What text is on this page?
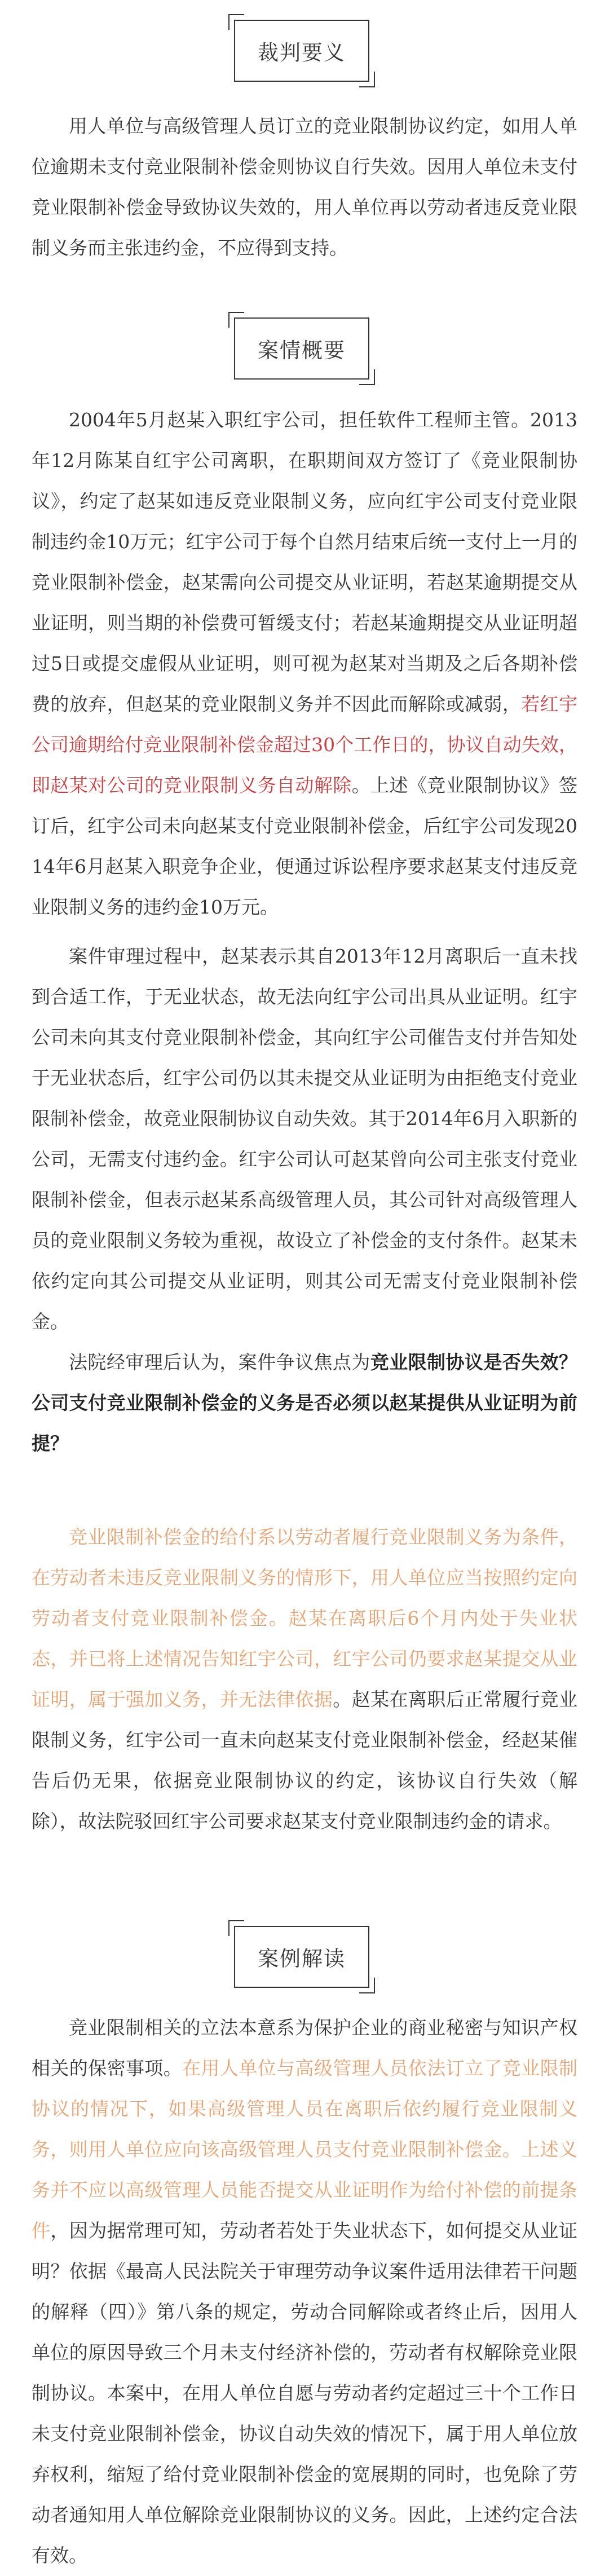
裁判要义

用人单位与高级管理人员订立的竞业限制协议约定，如用人单位逾期未支付竞业限制补偿金则协议自行失效。因用人单位未支付竞业限制补偿金导致协议失效的，用人单位再以劳动者违反竞业限制义务而主张违约金，不应得到支持。

案情概要

2004年5月赵某入职红宇公司，担任软件工程师主管。2013年12月陈某自红宇公司离职，在职期间双方签订了《竞业限制协议》，约定了赵某如违反竞业限制义务，应向红宇公司支付竞业限制违约金10万元；红宇公司于每个自然月结束后统一支付上一月的竞业限制补偿金，赵某需向公司提交从业证明，若赵某逾期提交从业证明，则当期的补偿费可暂缓支付；若赵某逾期提交从业证明超过5日或提交虚假从业证明，则可视为赵某对当期及之后各期补偿费的放弃，但赵某的竞业限制义务并不因此而解除或减弱，若红宇公司逾期给付竞业限制补偿金超过30个工作日的，协议自动失效，即赵某对公司的竞业限制义务自动解除。上述《竞业限制协议》签订后，红宇公司未向赵某支付竞业限制补偿金，后红宇公司发现2014年6月赵某入职竞争企业，便通过诉讼程序要求赵某支付违反竞业限制义务的违约金10万元。

案件审理过程中，赵某表示其自2013年12月离职后一直未找到合适工作，于无业状态，故无法向红宇公司出具从业证明。红宇公司未向其支付竞业限制补偿金，其向红宇公司催告支付并告知处于无业状态后，红宇公司仍以其未提交从业证明为由拒绝支付竞业限制补偿金，故竞业限制协议自动失效。其于2014年6月入职新的公司，无需支付违约金。红宇公司认可赵某曾向公司主张支付竞业限制补偿金，但表示赵某系高级管理人员，其公司针对高级管理人员的竞业限制义务较为重视，故设立了补偿金的支付条件。赵某未依约定向其公司提交从业证明，则其公司无需支付竞业限制补偿金。

法院经审理后认为，案件争议焦点为竞业限制协议是否失效？公司支付竞业限制补偿金的义务是否必须以赵某提供从业证明为前提？

竞业限制补偿金的给付系以劳动者履行竞业限制义务为条件，在劳动者未违反竞业限制义务的情形下，用人单位应当按照约定向劳动者支付竞业限制补偿金。赵某在离职后6个月内处于失业状态，并已将上述情况告知红宇公司，红宇公司仍要求赵某提交从业证明，属于强加义务，并无法律依据。赵某在离职后正常履行竞业限制义务，红宇公司一直未向赵某支付竞业限制补偿金，经赵某催告后仍无果，依据竞业限制协议的约定，该协议自行失效（解除），故法院驳回红宇公司要求赵某支付竞业限制违约金的请求。

案例解读

竞业限制相关的立法本意系为保护企业的商业秘密与知识产权相关的保密事项。在用人单位与高级管理人员依法订立了竞业限制协议的情况下，如果高级管理人员在离职后依约履行竞业限制义务，则用人单位应向该高级管理人员支付竞业限制补偿金。上述义务并不应以高级管理人员能否提交从业证明作为给付补偿的前提条件，因为据常理可知，劳动者若处于失业状态下，如何提交从业证明？依据《最高人民法院关于审理劳动争议案件适用法律若干问题的解释（四）》第八条的规定，劳动合同解除或者终止后，因用人单位的原因导致三个月未支付经济补偿的，劳动者有权解除竞业限制协议。本案中，在用人单位自愿与劳动者约定超过三十个工作日未支付竞业限制补偿金，协议自动失效的情况下，属于用人单位放弃权利，缩短了给付竞业限制补偿金的宽展期的同时，也免除了劳动者通知用人单位解除竞业限制协议的义务。因此，上述约定合法有效。
